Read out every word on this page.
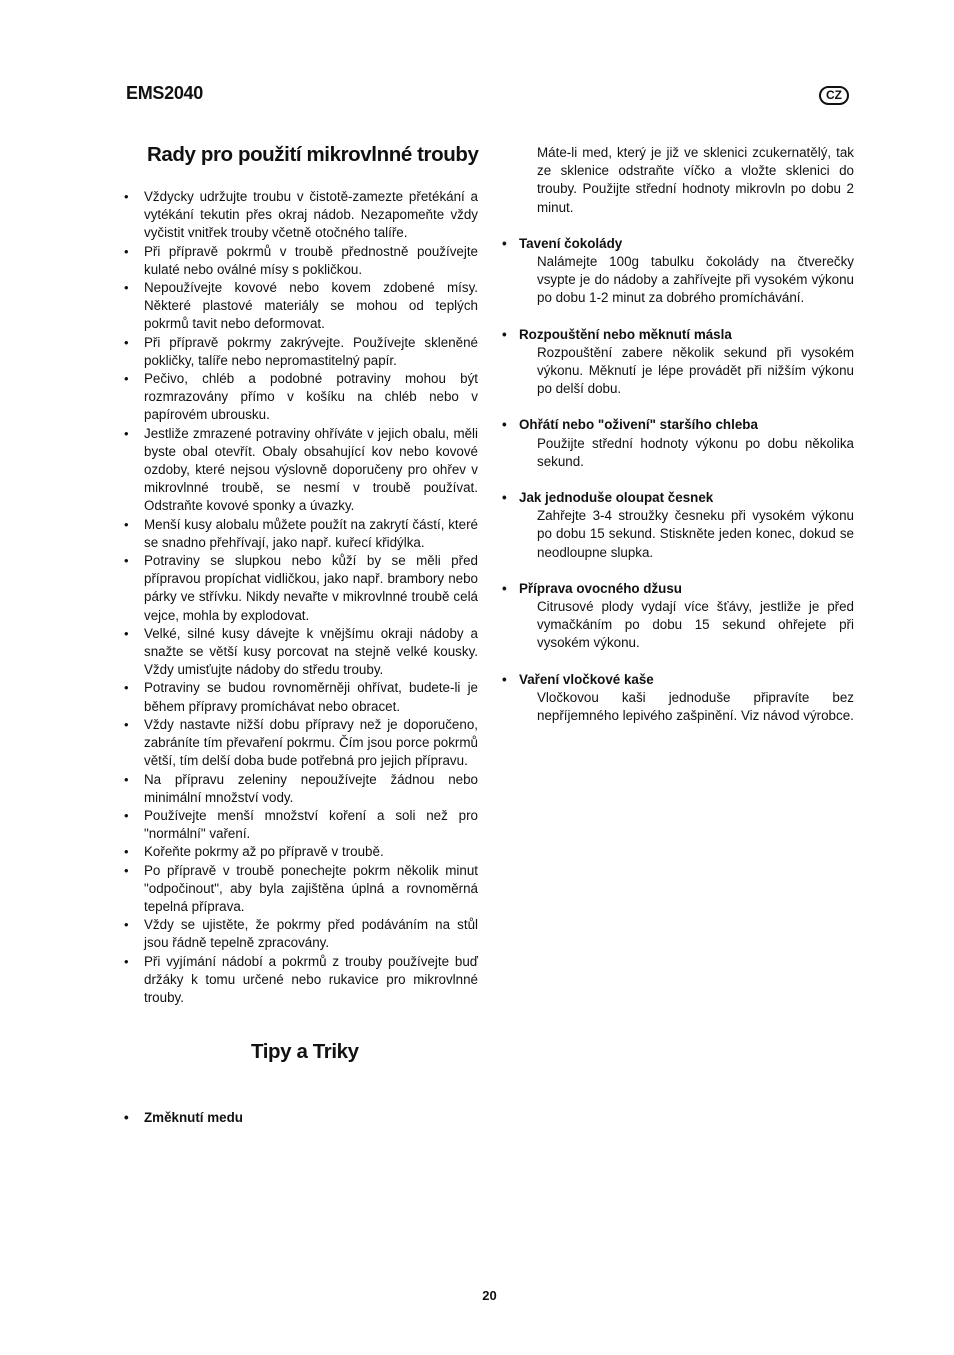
EMS2040	CZ
Rady pro použití mikrovlnné trouby
• Vždycky udržujte troubu v čistotě-zamezte přetékání a vytékání tekutin přes okraj nádob. Nezapomeňte vždy vyčistit vnitřek trouby včetně otočného talíře.
• Při přípravě pokrmů v troubě přednostně používejte kulaté nebo oválné mísy s pokličkou.
• Nepoužívejte kovové nebo kovem zdobené mísy. Některé plastové materiály se mohou od teplých pokrmů tavit nebo deformovat.
• Při přípravě pokrmy zakrývejte. Používejte skleněné pokličky, talíře nebo nepromastitelný papír.
• Pečivo, chléb a podobné potraviny mohou být rozmrazovány přímo v košíku na chléb nebo v papírovém ubrousku.
• Jestliže zmrazené potraviny ohříváte v jejich obalu, měli byste obal otevřít. Obaly obsahující kov nebo kovové ozdoby, které nejsou výslovně doporučeny pro ohřev v mikrovlnné troubě, se nesmí v troubě používat. Odstraňte kovové sponky a úvazky.
• Menší kusy alobalu můžete použít na zakrytí částí, které se snadno přehřívají, jako např. kuřecí křidýlka.
• Potraviny se slupkou nebo kůží by se měli před přípravou propíchat vidličkou, jako např. brambory nebo párky ve střívku. Nikdy nevařte v mikrovlnné troubě celá vejce, mohla by explodovat.
• Velké, silné kusy dávejte k vnějšímu okraji nádoby a snažte se větší kusy porcovat na stejně velké kousky. Vždy umisťujte nádoby do středu trouby.
• Potraviny se budou rovnoměrněji ohřívat, budete-li je během přípravy promíchávat nebo obracet.
• Vždy nastavte nižší dobu přípravy než je doporučeno, zabráníte tím převaření pokrmu. Čím jsou porce pokrmů větší, tím delší doba bude potřebná pro jejich přípravu.
• Na přípravu zeleniny nepoužívejte žádnou nebo minimální množství vody.
• Používejte menší množství koření a soli než pro "normální" vaření.
• Kořeňte pokrmy až po přípravě v troubě.
• Po přípravě v troubě ponechejte pokrm několik minut "odpočinout", aby byla zajištěna úplná a rovnoměrná tepelná příprava.
• Vždy se ujistěte, že pokrmy před podáváním na stůl jsou řádně tepelně zpracovány.
• Při vyjímání nádobí a pokrmů z trouby používejte buď držáky k tomu určené nebo rukavice pro mikrovlnné trouby.
Tipy a Triky
• Změknutí medu
Máte-li med, který je již ve sklenici zcukernatělý, tak ze sklenice odstraňte víčko a vložte sklenici do trouby. Použijte střední hodnoty mikrovln po dobu 2 minut.
• Tavení čokolády
Nalámejte 100g tabulku čokolády na čtverečky vsypte je do nádoby a zahřívejte při vysokém výkonu po dobu 1-2 minut za dobrého promíchávání.
• Rozpouštění nebo měknutí másla
Rozpouštění zabere několik sekund při vysokém výkonu. Měknutí je lépe provádět při nižším výkonu po delší dobu.
• Ohřátí nebo "oživení" staršího chleba
Použijte střední hodnoty výkonu po dobu několika sekund.
• Jak jednoduše oloupat česnek
Zahřejte 3-4 stroužky česneku při vysokém výkonu po dobu 15 sekund. Stiskněte jeden konec, dokud se neodloupne slupka.
• Příprava ovocného džusu
Citrusové plody vydají více šťávy, jestliže je před vymačkáním po dobu 15 sekund ohřejete při vysokém výkonu.
• Vaření vločkové kaše
Vločkovou kaši jednoduše připravíte bez nepříjemného lepivého zašpinění. Viz návod výrobce.
20
